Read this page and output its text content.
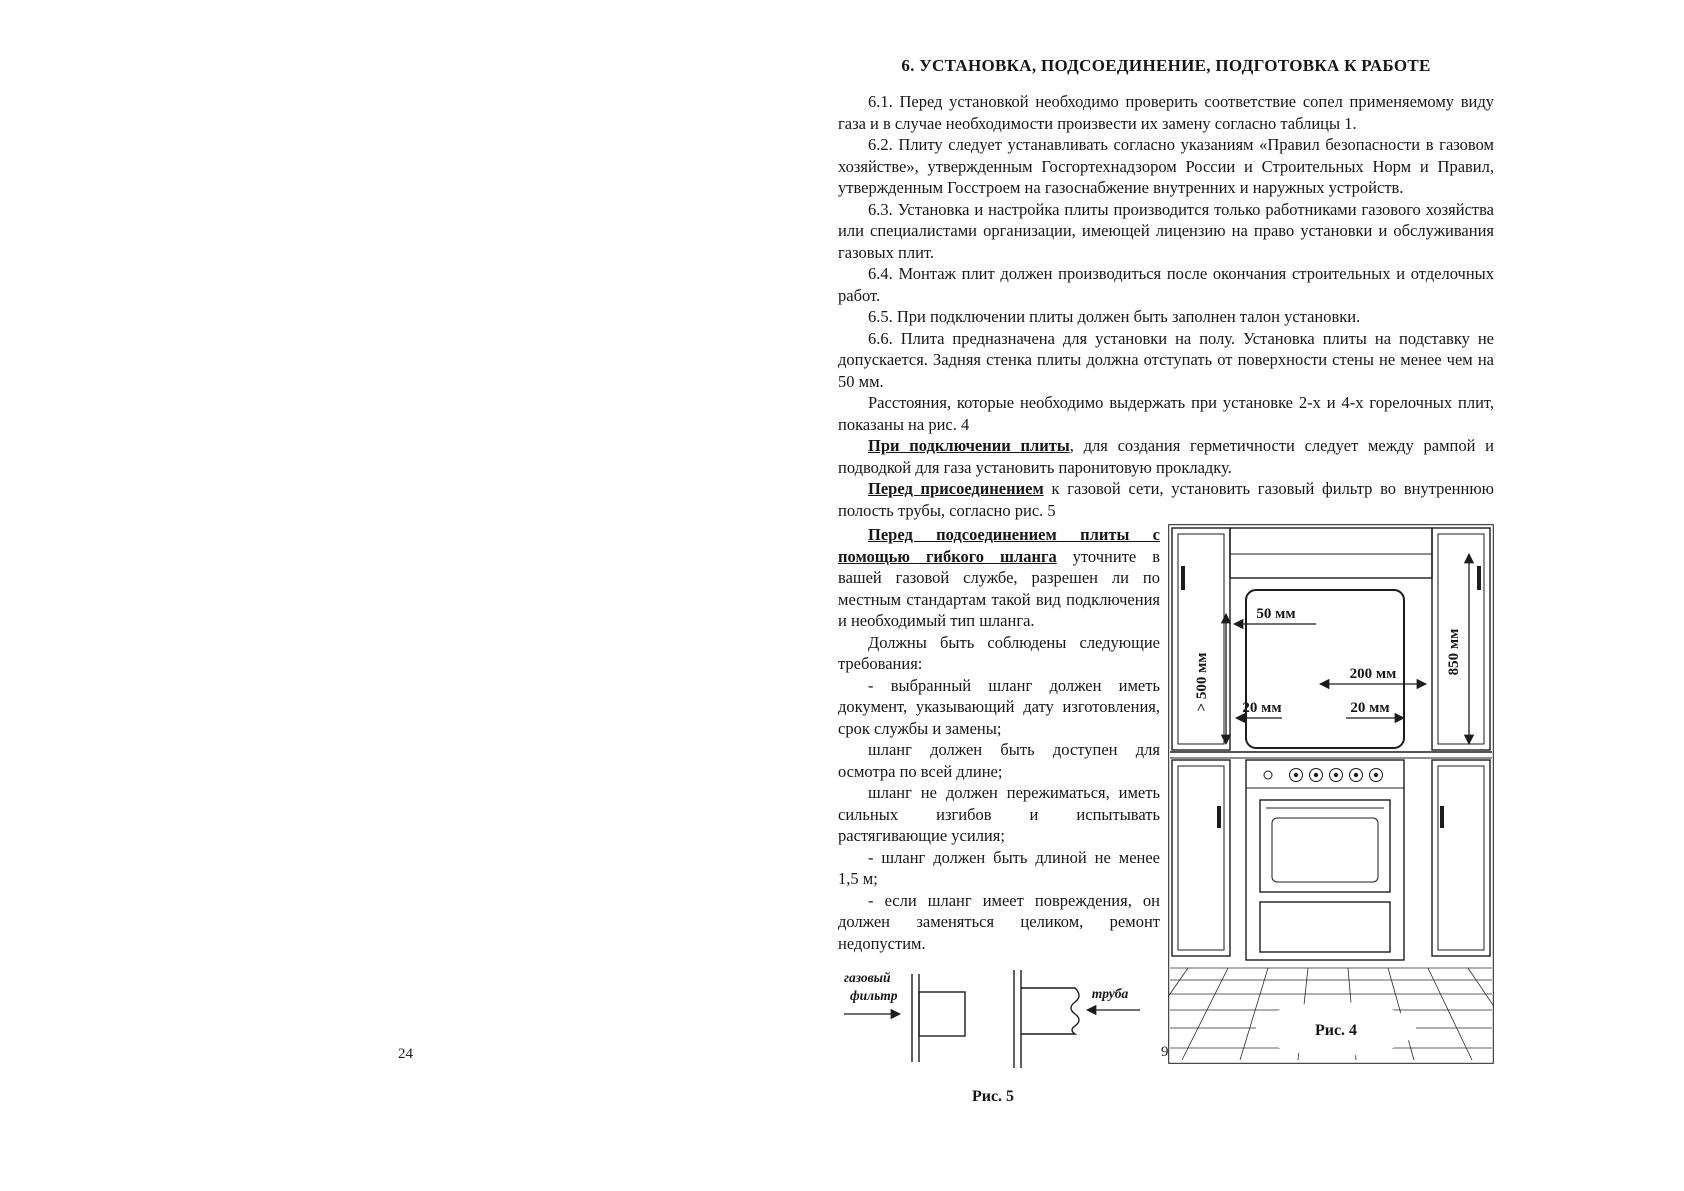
6. УСТАНОВКА, ПОДСОЕДИНЕНИЕ, ПОДГОТОВКА К РАБОТЕ

6.1. Перед установкой необходимо проверить соответствие сопел применяемому виду газа и в случае необходимости произвести их замену согласно таблицы 1.

6.2. Плиту следует устанавливать согласно указаниям «Правил безопасности в газовом хозяйстве», утвержденным Госгортехнадзором России и Строительных Норм и Правил, утвержденным Госстроем на газоснабжение внутренних и наружных устройств.

6.3. Установка и настройка плиты производится только работниками газового хозяйства или специалистами организации, имеющей лицензию на право установки и обслуживания газовых плит.

6.4. Монтаж плит должен производиться после окончания строительных и отделочных работ.

6.5. При подключении плиты должен быть заполнен талон установки.

6.6. Плита предназначена для установки на полу. Установка плиты на подставку не допускается. Задняя стенка плиты должна отступать от поверхности стены не менее чем на 50 мм.

Расстояния, которые необходимо выдержать при установке 2-х и 4-х горелочных плит, показаны на рис. 4

При подключении плиты, для создания герметичности следует между рампой и подводкой для газа установить паронитовую прокладку.

Перед присоединением к газовой сети, установить газовый фильтр во внутреннюю полость трубы, согласно рис. 5

Перед подсоединением плиты с помощью гибкого шланга уточните в вашей газовой службе, разрешен ли по местным стандартам такой вид подключения и необходимый тип шланга.

Должны быть соблюдены следующие требования:

- выбранный шланг должен иметь документ, указывающий дату изготовления, срок службы и замены;

шланг должен быть доступен для осмотра по всей длине;

шланг не должен пережиматься, иметь сильных изгибов и испытывать растягивающие усилия;

- шланг должен быть длиной не менее 1,5 м;

- если шланг имеет повреждения, он должен заменяться целиком, ремонт недопустим.

газовый
фильтр	труба
Рис. 5
50 мм
> 500 мм
850 мм
200 мм
20 мм	20 мм
Рис. 4
24	9
